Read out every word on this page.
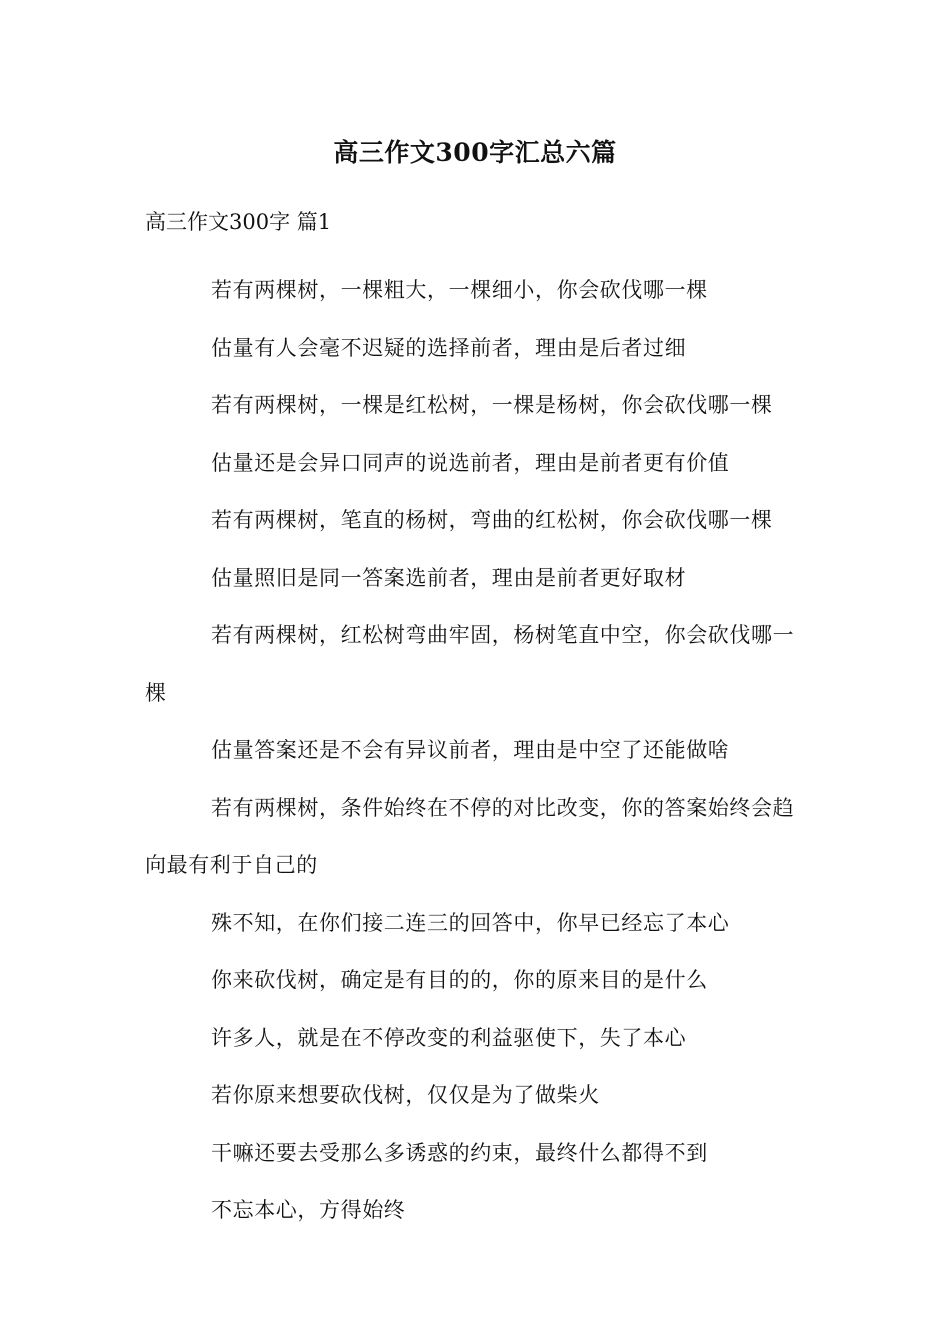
高三作文300字汇总六篇
高三作文300字 篇1

若有两棵树，一棵粗大，一棵细小，你会砍伐哪一棵

估量有人会毫不迟疑的选择前者，理由是后者过细

若有两棵树，一棵是红松树，一棵是杨树，你会砍伐哪一棵

估量还是会异口同声的说选前者，理由是前者更有价值

若有两棵树，笔直的杨树，弯曲的红松树，你会砍伐哪一棵

估量照旧是同一答案选前者，理由是前者更好取材

若有两棵树，红松树弯曲牢固，杨树笔直中空，你会砍伐哪一棵

估量答案还是不会有异议前者，理由是中空了还能做啥

若有两棵树，条件始终在不停的对比改变，你的答案始终会趋向最有利于自己的

殊不知，在你们接二连三的回答中，你早已经忘了本心

你来砍伐树，确定是有目的的，你的原来目的是什么

许多人，就是在不停改变的利益驱使下，失了本心

若你原来想要砍伐树，仅仅是为了做柴火

干嘛还要去受那么多诱惑的约束，最终什么都得不到

不忘本心，方得始终
